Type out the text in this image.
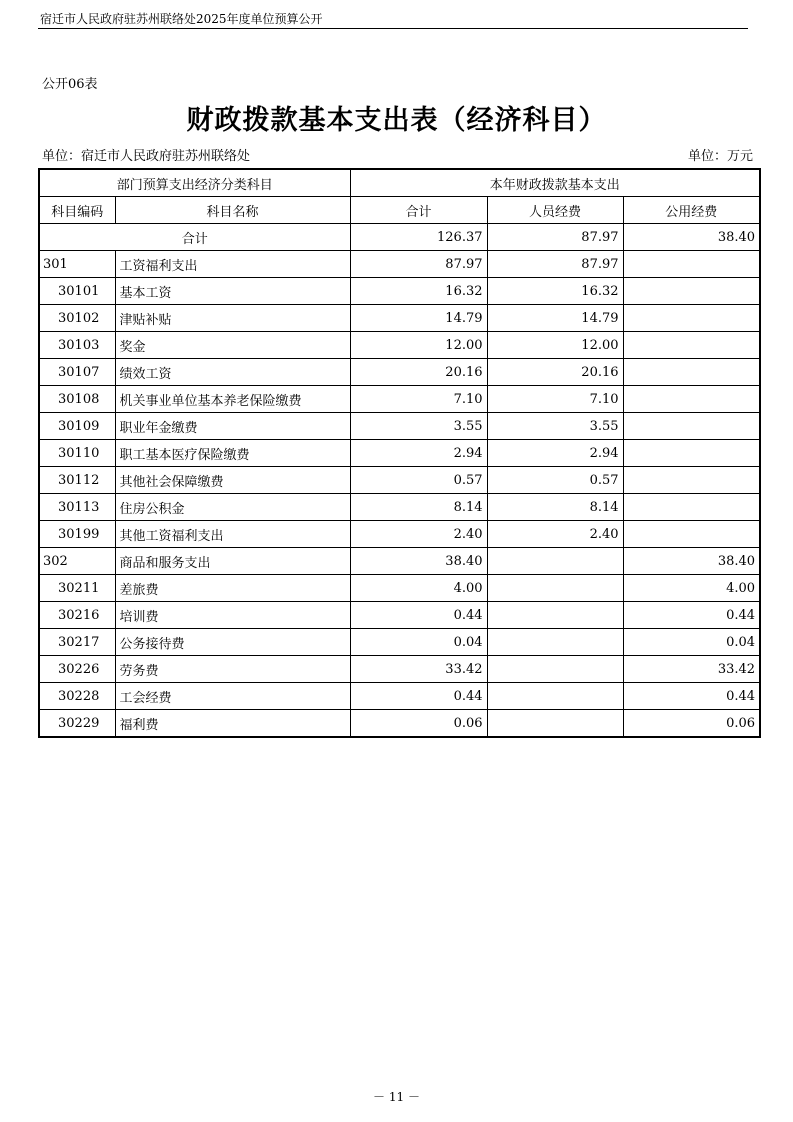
宿迁市人民政府驻苏州联络处2025年度单位预算公开
公开06表
财政拨款基本支出表（经济科目）
单位：宿迁市人民政府驻苏州联络处	单位：万元
部门预算支出经济分类科目		本年财政拨款基本支出		
科目编码	科目名称	合计	人员经费	公用经费
合计		126.37	87.97	38.40
301	工资福利支出	87.97	87.97	
30101	基本工资	16.32	16.32	
30102	津贴补贴	14.79	14.79	
30103	奖金	12.00	12.00	
30107	绩效工资	20.16	20.16	
30108	机关事业单位基本养老保险缴费	7.10	7.10	
30109	职业年金缴费	3.55	3.55	
30110	职工基本医疗保险缴费	2.94	2.94	
30112	其他社会保障缴费	0.57	0.57	
30113	住房公积金	8.14	8.14	
30199	其他工资福利支出	2.40	2.40	
302	商品和服务支出	38.40		38.40
30211	差旅费	4.00		4.00
30216	培训费	0.44		0.44
30217	公务接待费	0.04		0.04
30226	劳务费	33.42		33.42
30228	工会经费	0.44		0.44
30229	福利费	0.06		0.06
－ 11 －
